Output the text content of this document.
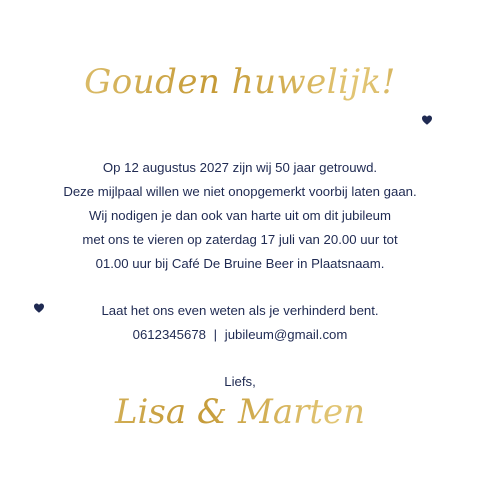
Gouden huwelijk!
Op 12 augustus 2027 zijn wij 50 jaar getrouwd.
Deze mijlpaal willen we niet onopgemerkt voorbij laten gaan.
Wij nodigen je dan ook van harte uit om dit jubileum
met ons te vieren op zaterdag 17 juli van 20.00 uur tot
01.00 uur bij Café De Bruine Beer in Plaatsnaam.
Laat het ons even weten als je verhinderd bent.
0612345678 | jubileum@gmail.com
Liefs,
Lisa & Marten
